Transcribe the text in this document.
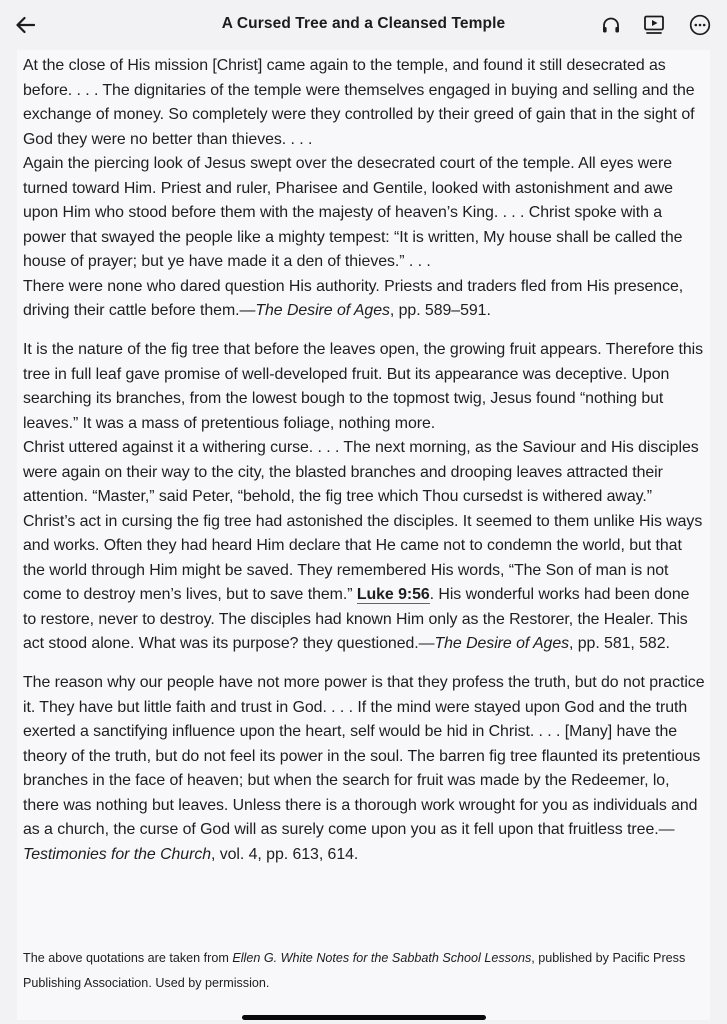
A Cursed Tree and a Cleansed Temple

At the close of His mission [Christ] came again to the temple, and found it still desecrated as before. . . . The dignitaries of the temple were themselves engaged in buying and selling and the exchange of money. So completely were they controlled by their greed of gain that in the sight of God they were no better than thieves. . . .

Again the piercing look of Jesus swept over the desecrated court of the temple. All eyes were turned toward Him. Priest and ruler, Pharisee and Gentile, looked with astonishment and awe upon Him who stood before them with the majesty of heaven’s King. . . . Christ spoke with a power that swayed the people like a mighty tempest: “It is written, My house shall be called the house of prayer; but ye have made it a den of thieves.” . . .

There were none who dared question His authority. Priests and traders fled from His presence, driving their cattle before them.—The Desire of Ages, pp. 589–591.

It is the nature of the fig tree that before the leaves open, the growing fruit appears. Therefore this tree in full leaf gave promise of well-developed fruit. But its appearance was deceptive. Upon searching its branches, from the lowest bough to the topmost twig, Jesus found “nothing but leaves.” It was a mass of pretentious foliage, nothing more.

Christ uttered against it a withering curse. . . . The next morning, as the Saviour and His disciples were again on their way to the city, the blasted branches and drooping leaves attracted their attention. “Master,” said Peter, “behold, the fig tree which Thou cursedst is withered away.”

Christ’s act in cursing the fig tree had astonished the disciples. It seemed to them unlike His ways and works. Often they had heard Him declare that He came not to condemn the world, but that the world through Him might be saved. They remembered His words, “The Son of man is not come to destroy men’s lives, but to save them.” Luke 9:56. His wonderful works had been done to restore, never to destroy. The disciples had known Him only as the Restorer, the Healer. This act stood alone. What was its purpose? they questioned.—The Desire of Ages, pp. 581, 582.

The reason why our people have not more power is that they profess the truth, but do not practice it. They have but little faith and trust in God. . . . If the mind were stayed upon God and the truth exerted a sanctifying influence upon the heart, self would be hid in Christ. . . . [Many] have the theory of the truth, but do not feel its power in the soul. The barren fig tree flaunted its pretentious branches in the face of heaven; but when the search for fruit was made by the Redeemer, lo, there was nothing but leaves. Unless there is a thorough work wrought for you as individuals and as a church, the curse of God will as surely come upon you as it fell upon that fruitless tree.—Testimonies for the Church, vol. 4, pp. 613, 614.

The above quotations are taken from Ellen G. White Notes for the Sabbath School Lessons, published by Pacific Press Publishing Association. Used by permission.
